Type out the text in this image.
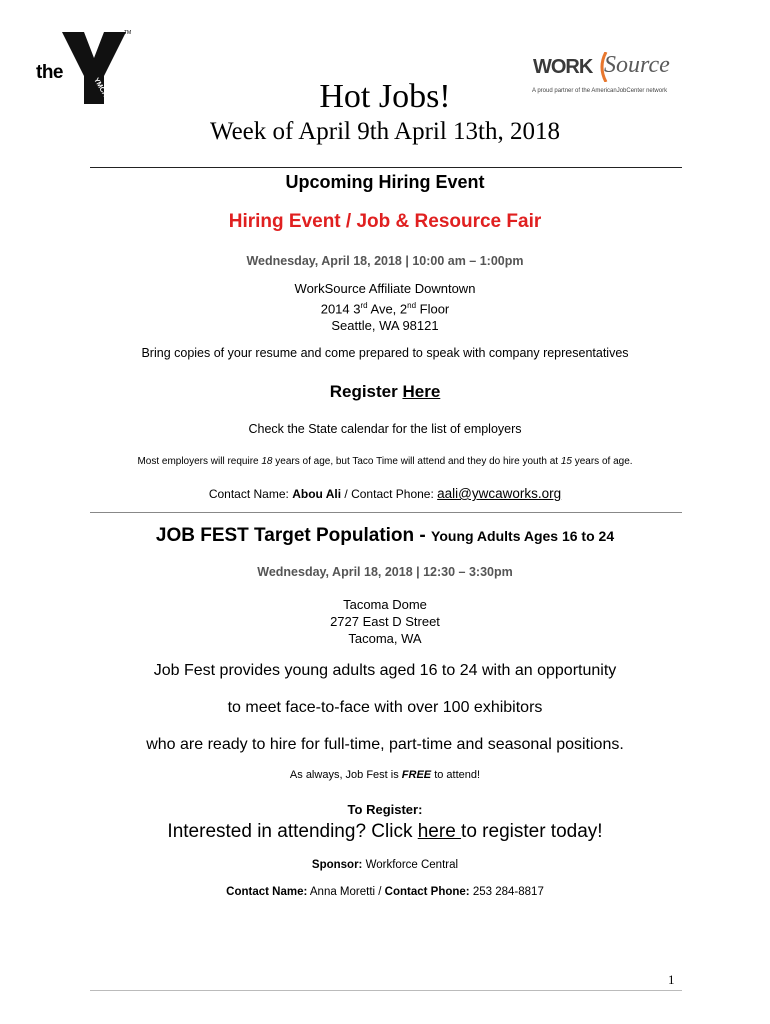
the
TM
YMCA
WORK Source
A proud partner of the AmericanJobCenter network
Hot Jobs!
Week of April 9th April 13th, 2018
Upcoming Hiring Event
Hiring Event / Job & Resource Fair
Wednesday, April 18, 2018 | 10:00 am – 1:00pm
WorkSource Affiliate Downtown
2014 3rd Ave, 2nd Floor
Seattle, WA 98121
Bring copies of your resume and come prepared to speak with company representatives
Register Here
Check the State calendar for the list of employers
Most employers will require 18 years of age, but Taco Time will attend and they do hire youth at 15 years of age.
Contact Name: Abou Ali / Contact Phone: aali@ywcaworks.org
JOB FEST Target Population - Young Adults Ages 16 to 24
Wednesday, April 18, 2018 | 12:30 – 3:30pm
Tacoma Dome
2727 East D Street
Tacoma, WA
Job Fest provides young adults aged 16 to 24 with an opportunity
to meet face-to-face with over 100 exhibitors
who are ready to hire for full-time, part-time and seasonal positions.
As always, Job Fest is FREE to attend!
To Register:
Interested in attending? Click here to register today!
Sponsor: Workforce Central
Contact Name: Anna Moretti / Contact Phone: 253 284-8817
1
